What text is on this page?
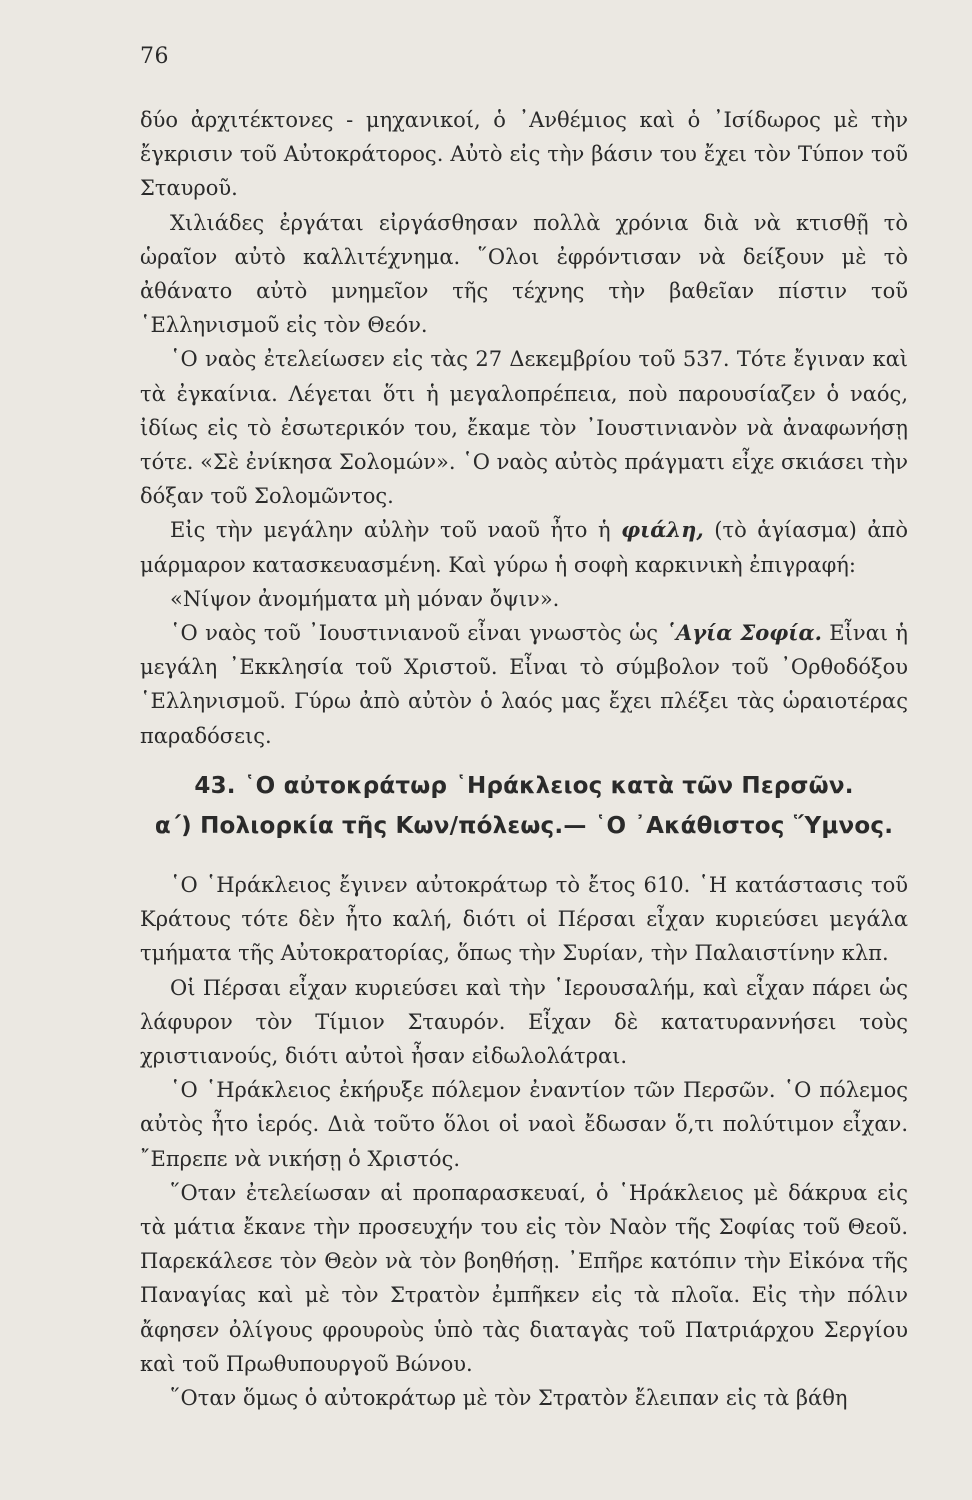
76

δύο ἀρχιτέκτονες - μηχανικοί, ὁ ᾿Ανθέμιος καὶ ὁ ᾿Ισίδωρος μὲ τὴν ἔγκρισιν τοῦ Αὐτοκράτορος. Αὐτὸ εἰς τὴν βάσιν του ἔχει τὸν Τύπον τοῦ Σταυροῦ.

Χιλιάδες ἐργάται εἰργάσθησαν πολλὰ χρόνια διὰ νὰ κτισθῇ τὸ ὡραῖον αὐτὸ καλλιτέχνημα. ῞Ολοι ἐφρόντισαν νὰ δείξουν μὲ τὸ ἀθάνατο αὐτὸ μνημεῖον τῆς τέχνης τὴν βαθεῖαν πίστιν τοῦ ῾Ελληνισμοῦ εἰς τὸν Θεόν.

῾Ο ναὸς ἐτελείωσεν εἰς τὰς 27 Δεκεμβρίου τοῦ 537. Τότε ἔγιναν καὶ τὰ ἐγκαίνια. Λέγεται ὅτι ἡ μεγαλοπρέπεια, ποὺ παρουσίαζεν ὁ ναός, ἰδίως εἰς τὸ ἐσωτερικόν του, ἔκαμε τὸν ᾿Ιουστινιανὸν νὰ ἀναφωνήσῃ τότε. «Σὲ ἐνίκησα Σολομών». ῾Ο ναὸς αὐτὸς πράγματι εἶχε σκιάσει τὴν δόξαν τοῦ Σολομῶντος.

Εἰς τὴν μεγάλην αὐλὴν τοῦ ναοῦ ἦτο ἡ φιάλη, (τὸ ἁγίασμα) ἀπὸ μάρμαρον κατασκευασμένη. Καὶ γύρω ἡ σοφὴ καρκινικὴ ἐπιγραφή:

«Νίψον ἀνομήματα μὴ μόναν ὄψιν».

῾Ο ναὸς τοῦ ᾿Ιουστινιανοῦ εἶναι γνωστὸς ὡς ῾Αγία Σοφία. Εἶναι ἡ μεγάλη ᾿Εκκλησία τοῦ Χριστοῦ. Εἶναι τὸ σύμβολον τοῦ ᾿Ορθοδόξου ῾Ελληνισμοῦ. Γύρω ἀπὸ αὐτὸν ὁ λαός μας ἔχει πλέξει τὰς ὡραιοτέρας παραδόσεις.

43. ῾Ο αὐτοκράτωρ ῾Ηράκλειος κατὰ τῶν Περσῶν.
α΄) Πολιορκία τῆς Κων/πόλεως.— ῾Ο ᾿Ακάθιστος ῞Υμνος.

῾Ο ῾Ηράκλειος ἔγινεν αὐτοκράτωρ τὸ ἔτος 610. ῾Η κατάστασις τοῦ Κράτους τότε δὲν ἦτο καλή, διότι οἱ Πέρσαι εἶχαν κυριεύσει μεγάλα τμήματα τῆς Αὐτοκρατορίας, ὅπως τὴν Συρίαν, τὴν Παλαιστίνην κλπ.

Οἱ Πέρσαι εἶχαν κυριεύσει καὶ τὴν ῾Ιερουσαλήμ, καὶ εἶχαν πάρει ὡς λάφυρον τὸν Τίμιον Σταυρόν. Εἶχαν δὲ κατατυραννήσει τοὺς χριστιανούς, διότι αὐτοὶ ἦσαν εἰδωλολάτραι.

῾Ο ῾Ηράκλειος ἐκήρυξε πόλεμον ἐναντίον τῶν Περσῶν. ῾Ο πόλεμος αὐτὸς ἦτο ἱερός. Διὰ τοῦτο ὅλοι οἱ ναοὶ ἔδωσαν ὅ,τι πολύτιμον εἶχαν. ῎Επρεπε νὰ νικήσῃ ὁ Χριστός.

῞Οταν ἐτελείωσαν αἱ προπαρασκευαί, ὁ ῾Ηράκλειος μὲ δάκρυα εἰς τὰ μάτια ἔκανε τὴν προσευχήν του εἰς τὸν Ναὸν τῆς Σοφίας τοῦ Θεοῦ. Παρεκάλεσε τὸν Θεὸν νὰ τὸν βοηθήσῃ. ᾿Επῆρε κατόπιν τὴν Εἰκόνα τῆς Παναγίας καὶ μὲ τὸν Στρατὸν ἐμπῆκεν εἰς τὰ πλοῖα. Εἰς τὴν πόλιν ἄφησεν ὀλίγους φρουροὺς ὑπὸ τὰς διαταγὰς τοῦ Πατριάρχου Σεργίου καὶ τοῦ Πρωθυπουργοῦ Βώνου.

῞Οταν ὅμως ὁ αὐτοκράτωρ μὲ τὸν Στρατὸν ἔλειπαν εἰς τὰ βάθη
